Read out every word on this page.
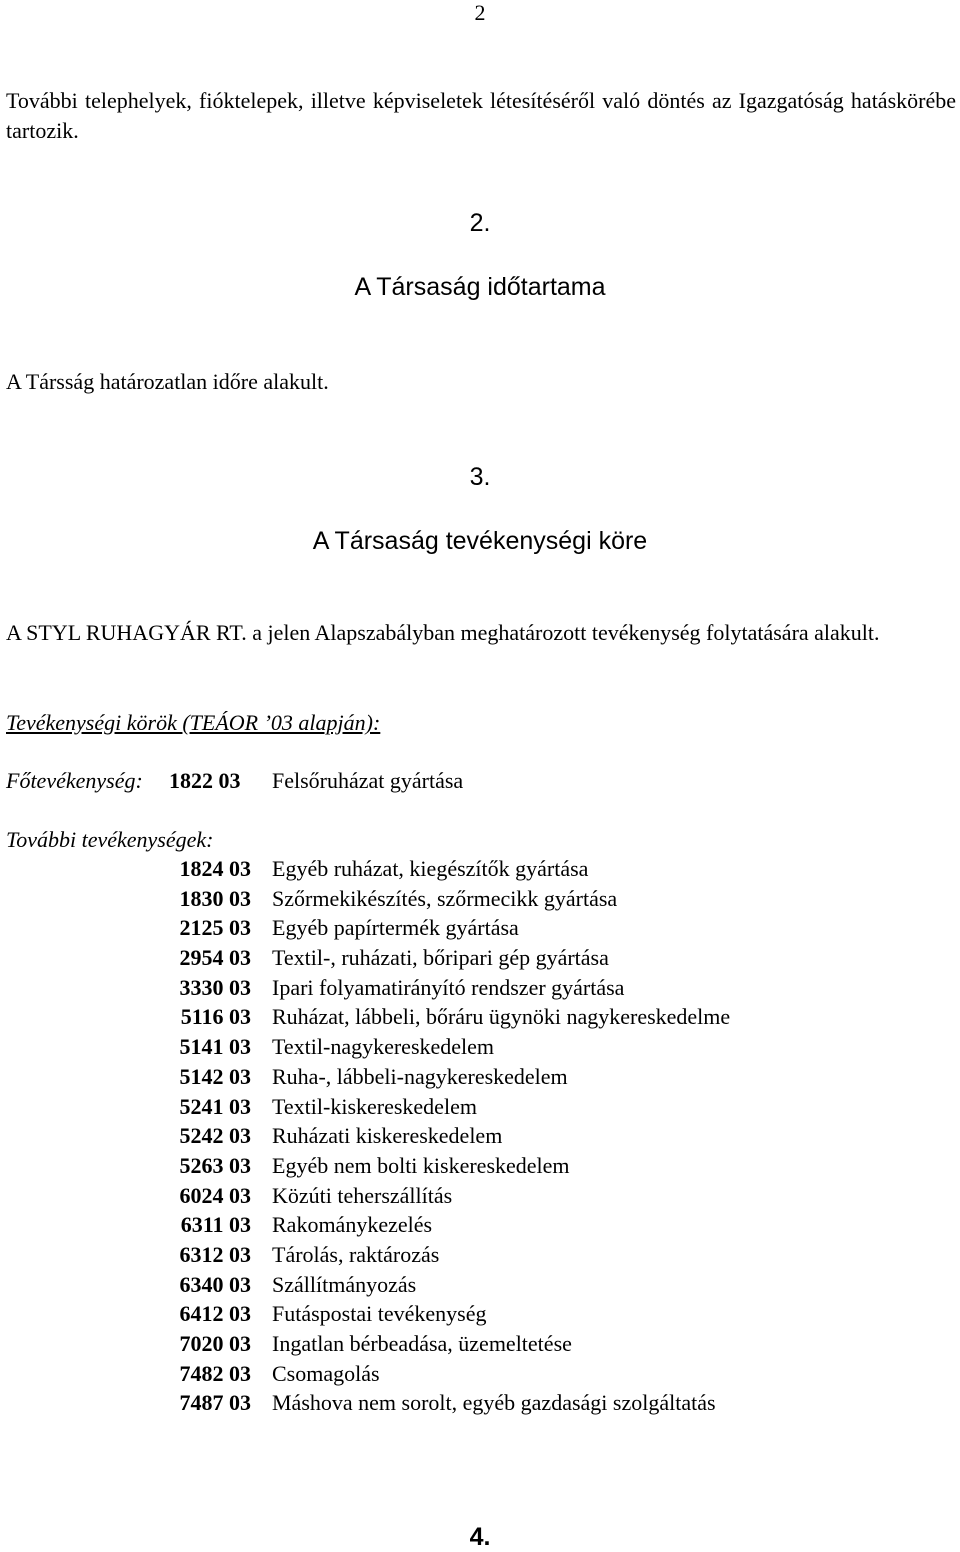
2
További telephelyek, fióktelepek, illetve képviseletek létesítéséről való döntés az Igazgatóság hatáskörébe tartozik.
2.
A Társaság időtartama
A Társság határozatlan időre alakult.
3.
A Társaság tevékenységi köre
A STYL RUHAGYÁR RT. a jelen Alapszabályban meghatározott tevékenység folytatására alakult.
Tevékenységi körök (TEÁOR ’03 alapján):
Főtevékenység: 1822 03 Felsőruházat gyártása
További tevékenységek:
1824 03 Egyéb ruházat, kiegészítők gyártása
1830 03 Szőrmekikészítés, szőrmecikk gyártása
2125 03 Egyéb papírtermék gyártása
2954 03 Textil-, ruházati, bőripari gép gyártása
3330 03 Ipari folyamatirányító rendszer gyártása
5116 03 Ruházat, lábbeli, bőráru ügynöki nagykereskedelme
5141 03 Textil-nagykereskedelem
5142 03 Ruha-, lábbeli-nagykereskedelem
5241 03 Textil-kiskereskedelem
5242 03 Ruházati kiskereskedelem
5263 03 Egyéb nem bolti kiskereskedelem
6024 03 Közúti teherszállítás
6311 03 Rakománykezelés
6312 03 Tárolás, raktározás
6340 03 Szállítmányozás
6412 03 Futáspostai tevékenység
7020 03 Ingatlan bérbeadása, üzemeltetése
7482 03 Csomagolás
7487 03 Máshova nem sorolt, egyéb gazdasági szolgáltatás
4.
